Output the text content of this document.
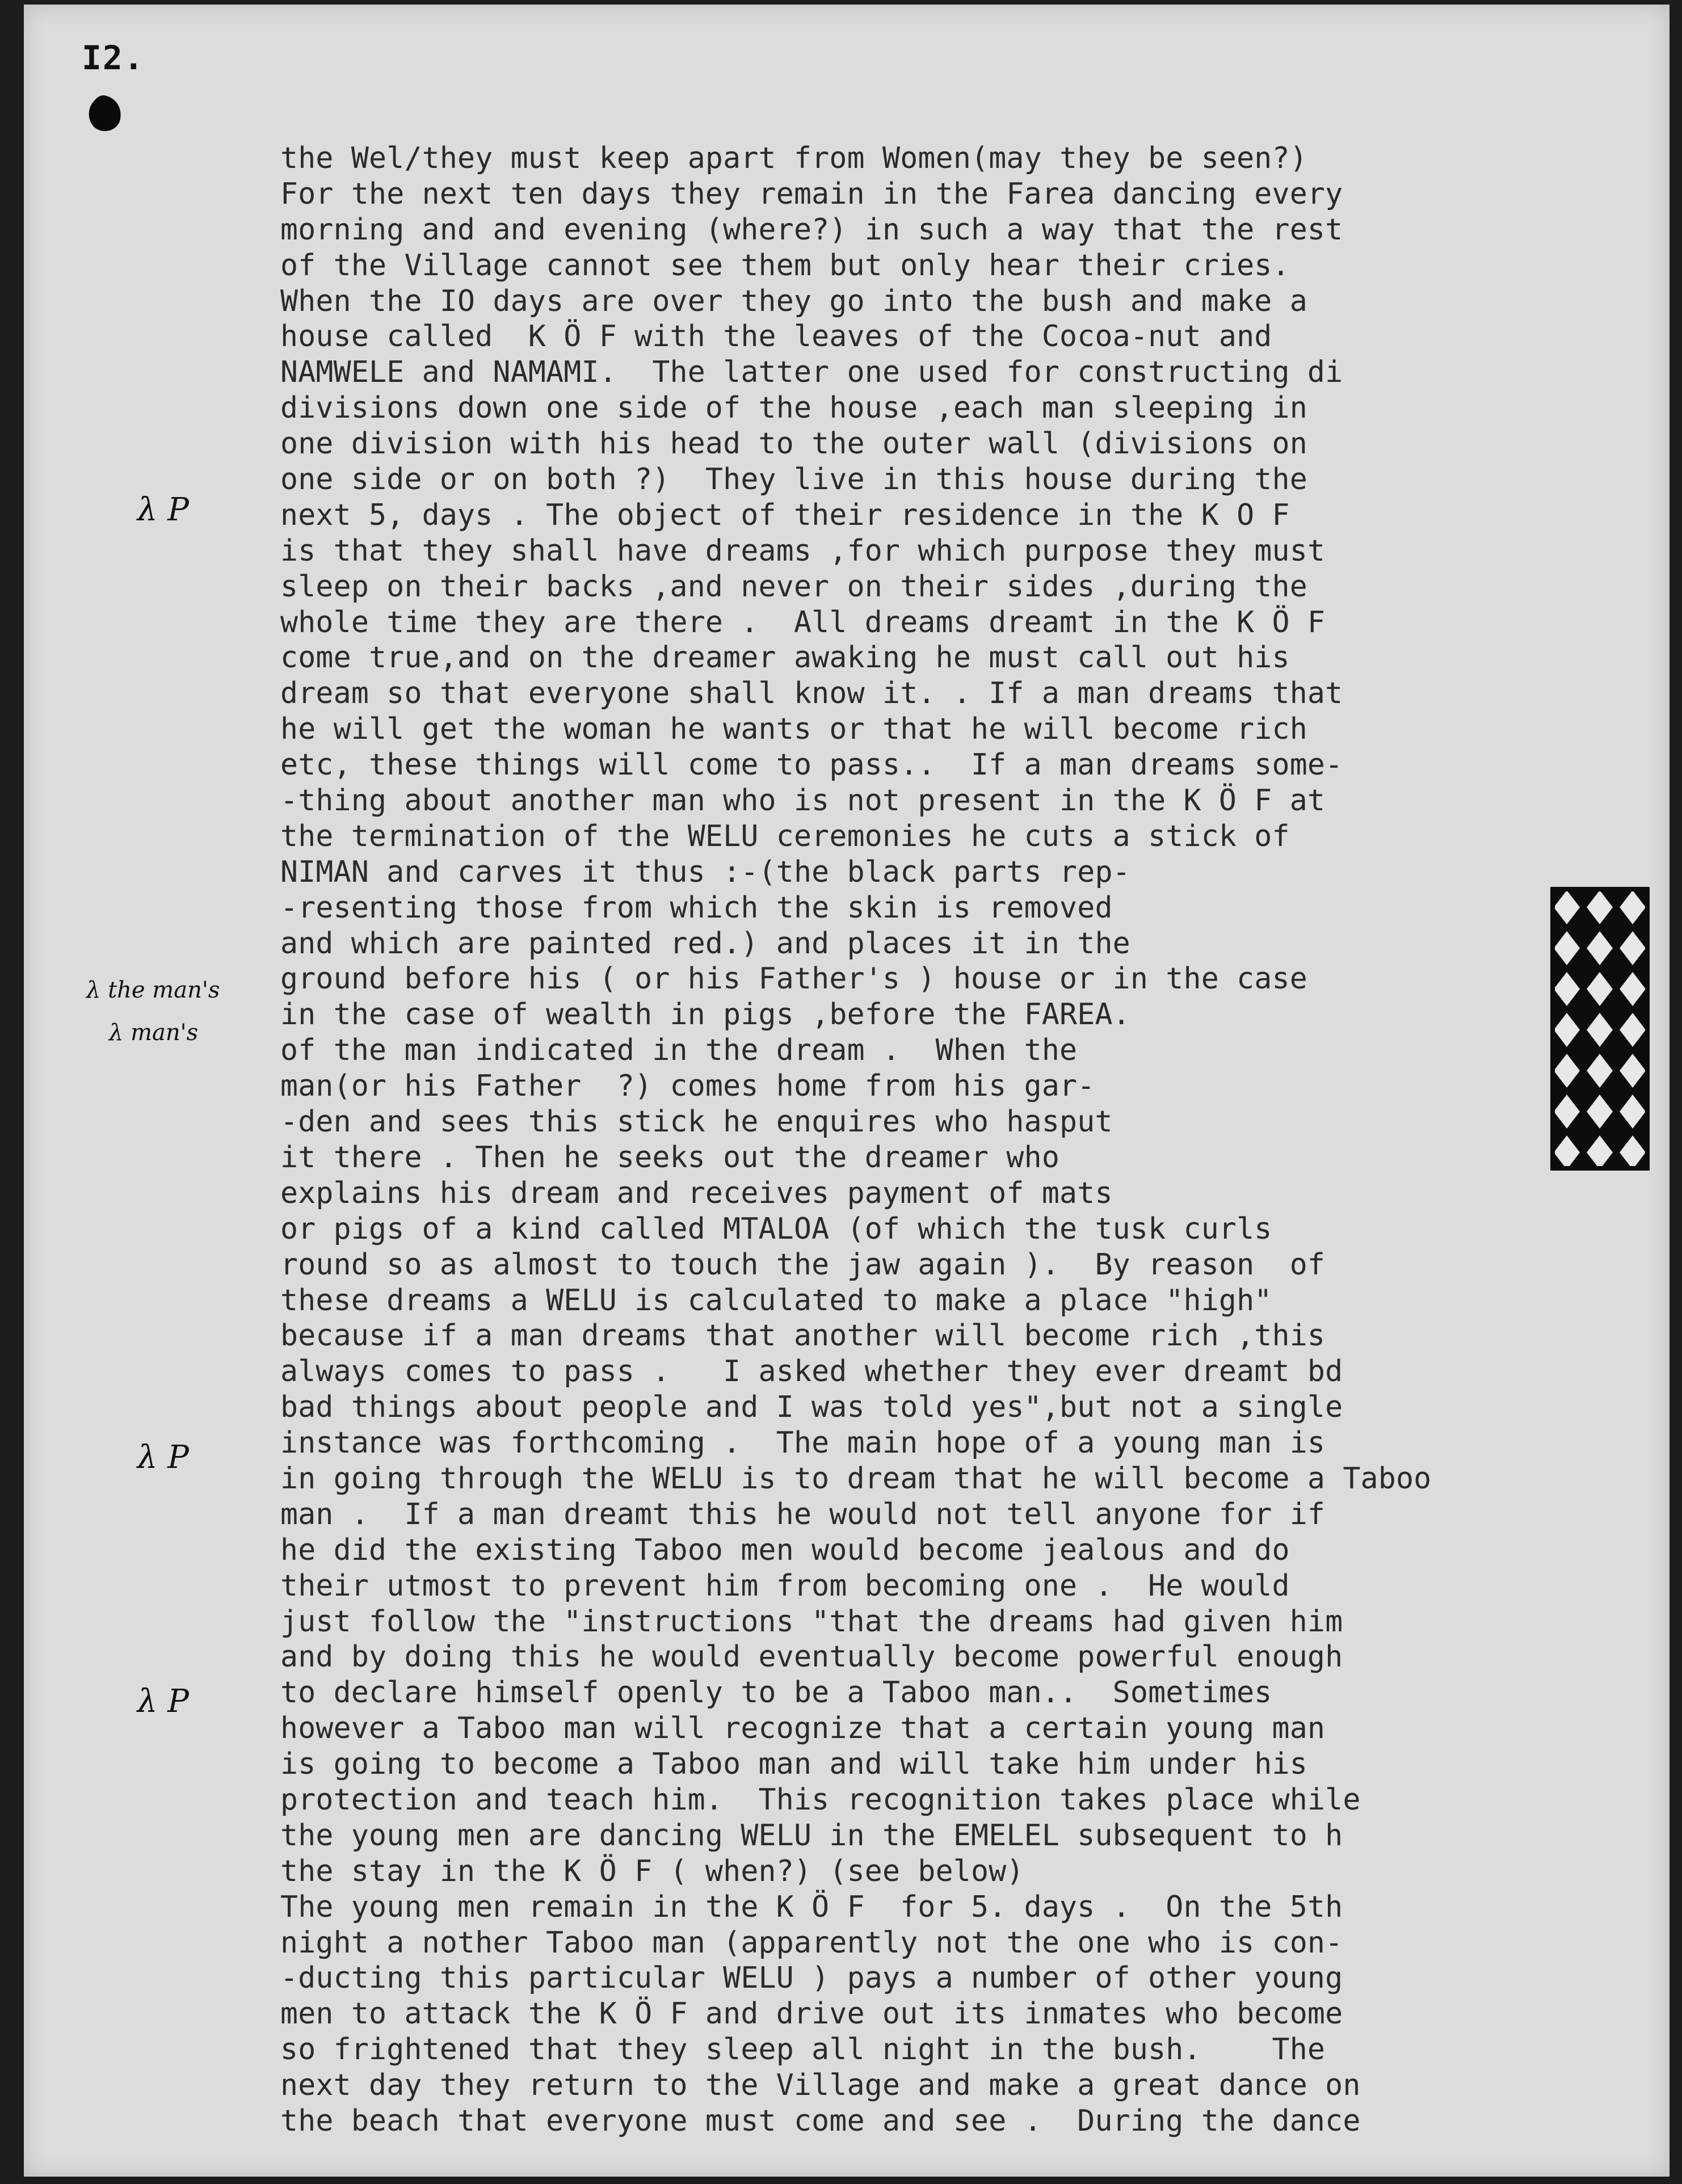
I2.
the Wel/they must keep apart from Women(may they be seen?)
For the next ten days they remain in the Farea dancing every
morning and and evening (where?) in such a way that the rest
of the Village cannot see them but only hear their cries.
When the IO days are over they go into the bush and make a
house called  K Ö F with the leaves of the Cocoa-nut and
NAMWELE and NAMAMI.  The latter one used for constructing di
divisions down one side of the house ,each man sleeping in
one division with his head to the outer wall (divisions on
one side or on both ?)  They live in this house during the
next 5, days . The object of their residence in the K O F
is that they shall have dreams ,for which purpose they must
sleep on their backs ,and never on their sides ,during the
whole time they are there .  All dreams dreamt in the K Ö F
come true,and on the dreamer awaking he must call out his
dream so that everyone shall know it. . If a man dreams that
he will get the woman he wants or that he will become rich
etc, these things will come to pass..  If a man dreams some-
-thing about another man who is not present in the K Ö F at
the termination of the WELU ceremonies he cuts a stick of
NIMAN and carves it thus :-(the black parts rep-
-resenting those from which the skin is removed
and which are painted red.) and places it in the
ground before his ( or his Father's ) house or in the case
in the case of wealth in pigs ,before the FAREA.
of the man indicated in the dream .  When the
man(or his Father  ?) comes home from his gar-
-den and sees this stick he enquires who hasput
it there . Then he seeks out the dreamer who
explains his dream and receives payment of mats
or pigs of a kind called MTALOA (of which the tusk curls
round so as almost to touch the jaw again ).  By reason  of
these dreams a WELU is calculated to make a place "high"
because if a man dreams that another will become rich ,this
always comes to pass .   I asked whether they ever dreamt bd
bad things about people and I was told yes",but not a single
instance was forthcoming .  The main hope of a young man is
in going through the WELU is to dream that he will become a Taboo
man .  If a man dreamt this he would not tell anyone for if
he did the existing Taboo men would become jealous and do
their utmost to prevent him from becoming one .  He would
just follow the "instructions "that the dreams had given him
and by doing this he would eventually become powerful enough
to declare himself openly to be a Taboo man..  Sometimes
however a Taboo man will recognize that a certain young man
is going to become a Taboo man and will take him under his
protection and teach him.  This recognition takes place while
the young men are dancing WELU in the EMELEL subsequent to h
the stay in the K Ö F ( when?) (see below)
The young men remain in the K Ö F  for 5. days .  On the 5th
night a nother Taboo man (apparently not the one who is con-
-ducting this particular WELU ) pays a number of other young
men to attack the K Ö F and drive out its inmates who become
so frightened that they sleep all night in the bush.    The
next day they return to the Village and make a great dance on
the beach that everyone must come and see .  During the dance
λ P
λ the man's
λ man's
λ P
λ P
